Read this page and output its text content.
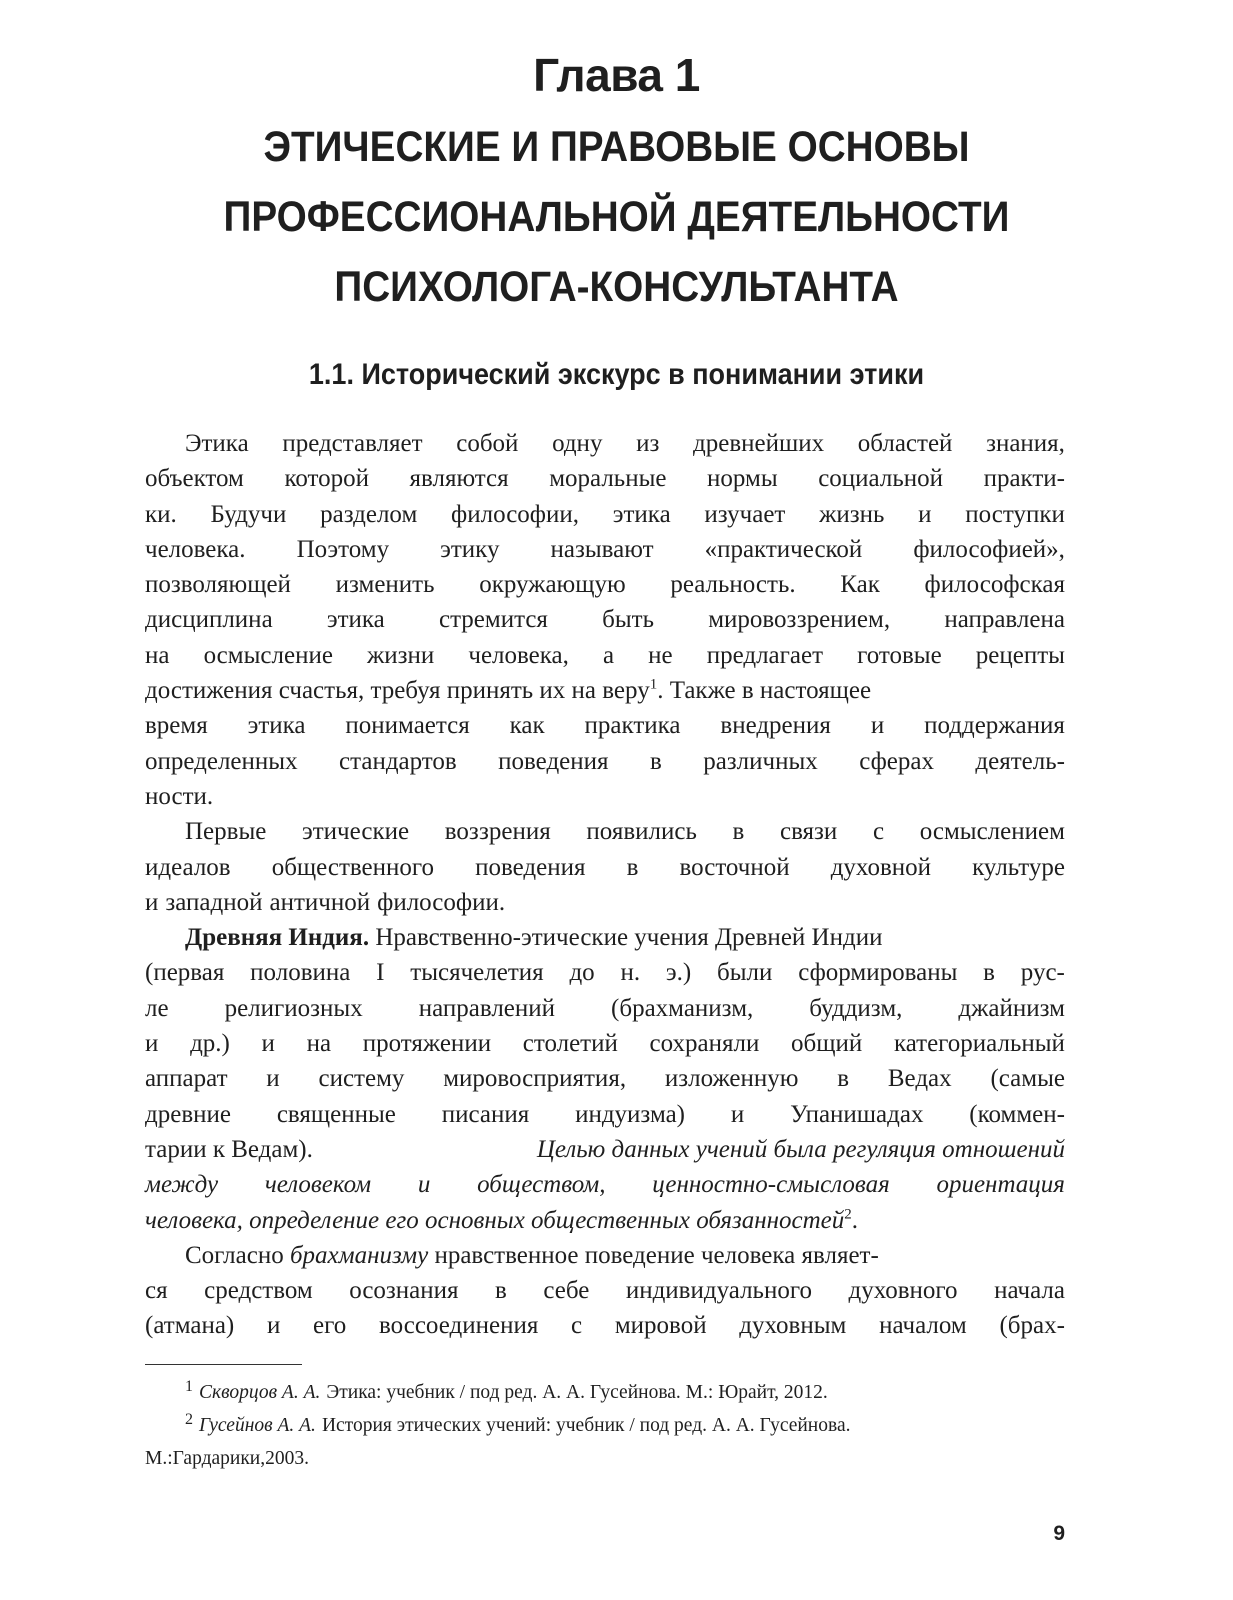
Глава 1
ЭТИЧЕСКИЕ И ПРАВОВЫЕ ОСНОВЫ
ПРОФЕССИОНАЛЬНОЙ ДЕЯТЕЛЬНОСТИ
ПСИХОЛОГА-КОНСУЛЬТАНТА
1.1. Исторический экскурс в понимании этики
Этика представляет собой одну из древнейших областей знания,
объектом которой являются моральные нормы социальной практи-
ки. Будучи разделом философии, этика изучает жизнь и поступки
человека. Поэтому этику называют «практической философией»,
позволяющей изменить окружающую реальность. Как философская
дисциплина этика стремится быть мировоззрением, направлена
на осмысление жизни человека, а не предлагает готовые рецепты
достижения счастья, требуя принять их на веру$^1$. Также в настоящее
время этика понимается как практика внедрения и поддержания
определенных стандартов поведения в различных сферах деятель-
ности.
Первые этические воззрения появились в связи с осмыслением
идеалов общественного поведения в восточной духовной культуре
и западной античной философии.
Древняя Индия. Нравственно-этические учения Древней Индии
(первая половина I тысячелетия до н. э.) были сформированы в рус-
ле религиозных направлений (брахманизм, буддизм, джайнизм
и др.) и на протяжении столетий сохраняли общий категориальный
аппарат и систему мировосприятия, изложенную в Ведах (самые
древние священные писания индуизма) и Упанишадах (коммен-
тарии к Ведам).	Целью данных учений была регуляция отношений
между человеком и обществом, ценностно-смысловая ориентация
человека, определение его основных общественных обязанностей$^2$.
Согласно брахманизму нравственное поведение человека являет-
ся средством осознания в себе индивидуального духовного начала
(атмана) и его воссоединения с мировой духовным началом (брах-
1 Скворцов А. А. Этика: учебник / под ред. А. А. Гусейнова. М.: Юрайт, 2012.
2 Гусейнов А. А. История этических учений: учебник / под ред. А. А. Гусейнова.
М.: Гардарики, 2003.
9
